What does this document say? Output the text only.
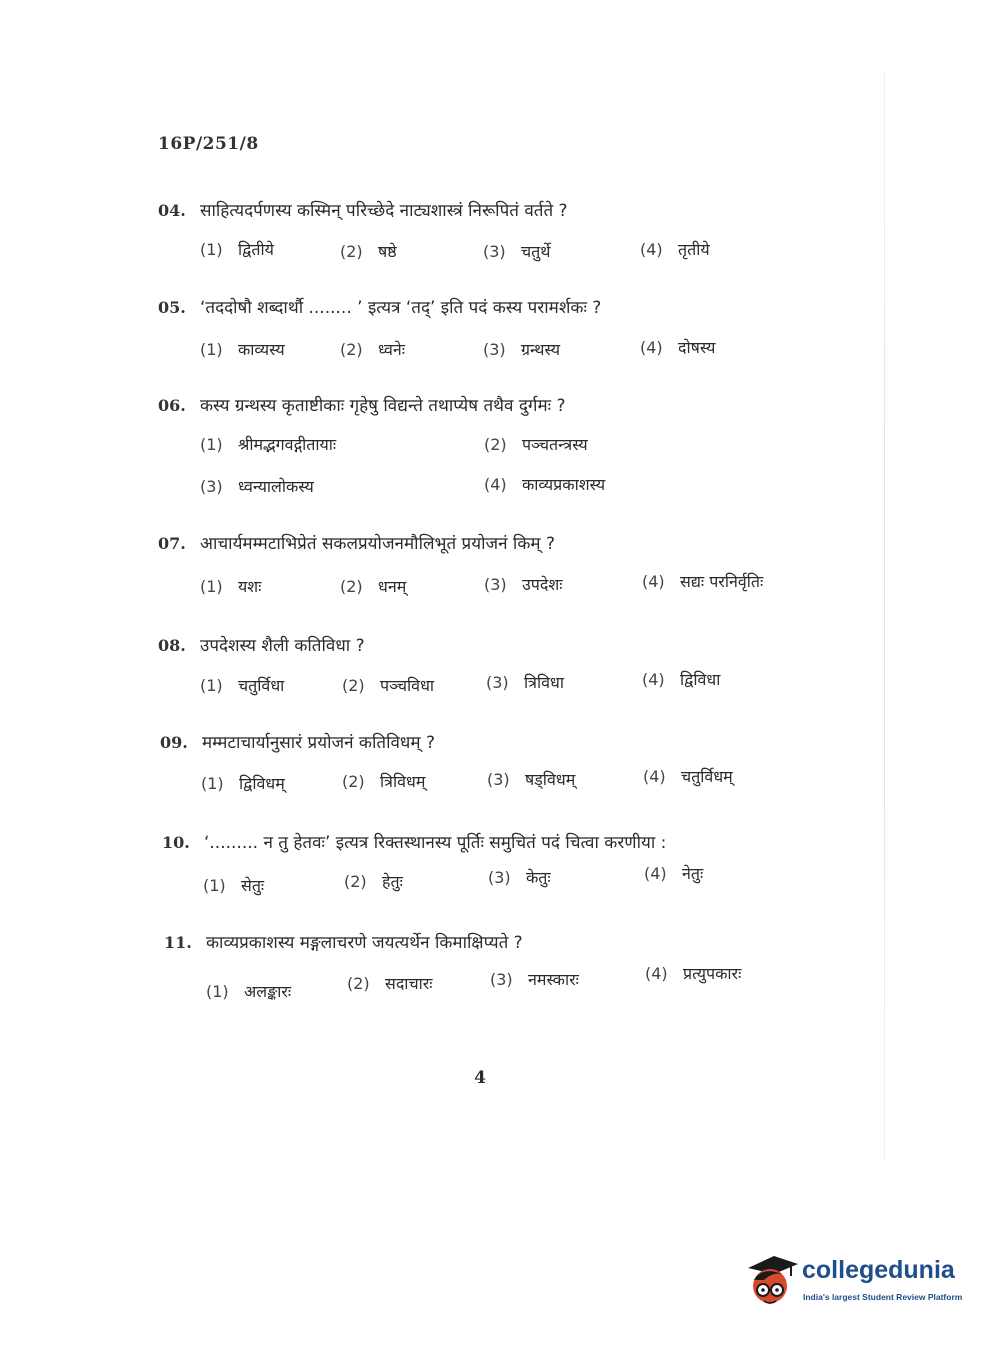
16P/251/8
04. साहित्यदर्पणस्य कस्मिन् परिच्छेदे नाट्यशास्त्रं निरूपितं वर्तते ?
(1) द्वितीये	(2) षष्ठे	(3) चतुर्थे	(4) तृतीये
05. ‘तददोषौ शब्दार्थौ ........ ’ इत्यत्र ‘तद्’ इति पदं कस्य परामर्शकः ?
(1) काव्यस्य	(2) ध्वनेः	(3) ग्रन्थस्य	(4) दोषस्य
06. कस्य ग्रन्थस्य कृताष्टीकाः गृहेषु विद्यन्ते तथाप्येष तथैव दुर्गमः ?
(1) श्रीमद्भगवद्गीतायाः	(2) पञ्चतन्त्रस्य
(3) ध्वन्यालोकस्य	(4) काव्यप्रकाशस्य
07. आचार्यमम्मटाभिप्रेतं सकलप्रयोजनमौलिभूतं प्रयोजनं किम् ?
(1) यशः	(2) धनम्	(3) उपदेशः	(4) सद्यः परनिर्वृतिः
08. उपदेशस्य शैली कतिविधा ?
(1) चतुर्विधा	(2) पञ्चविधा	(3) त्रिविधा	(4) द्विविधा
09. मम्मटाचार्यानुसारं प्रयोजनं कतिविधम् ?
(1) द्विविधम्	(2) त्रिविधम्	(3) षड्विधम्	(4) चतुर्विधम्
10. ‘......... न तु हेतवः’ इत्यत्र रिक्तस्थानस्य पूर्तिः समुचितं पदं चित्वा करणीया :
(1) सेतुः	(2) हेतुः	(3) केतुः	(4) नेतुः
11. काव्यप्रकाशस्य मङ्गलाचरणे जयत्यर्थेन किमाक्षिप्यते ?
(1) अलङ्कारः	(2) सदाचारः	(3) नमस्कारः	(4) प्रत्युपकारः
4
collegedunia
India's largest Student Review Platform
